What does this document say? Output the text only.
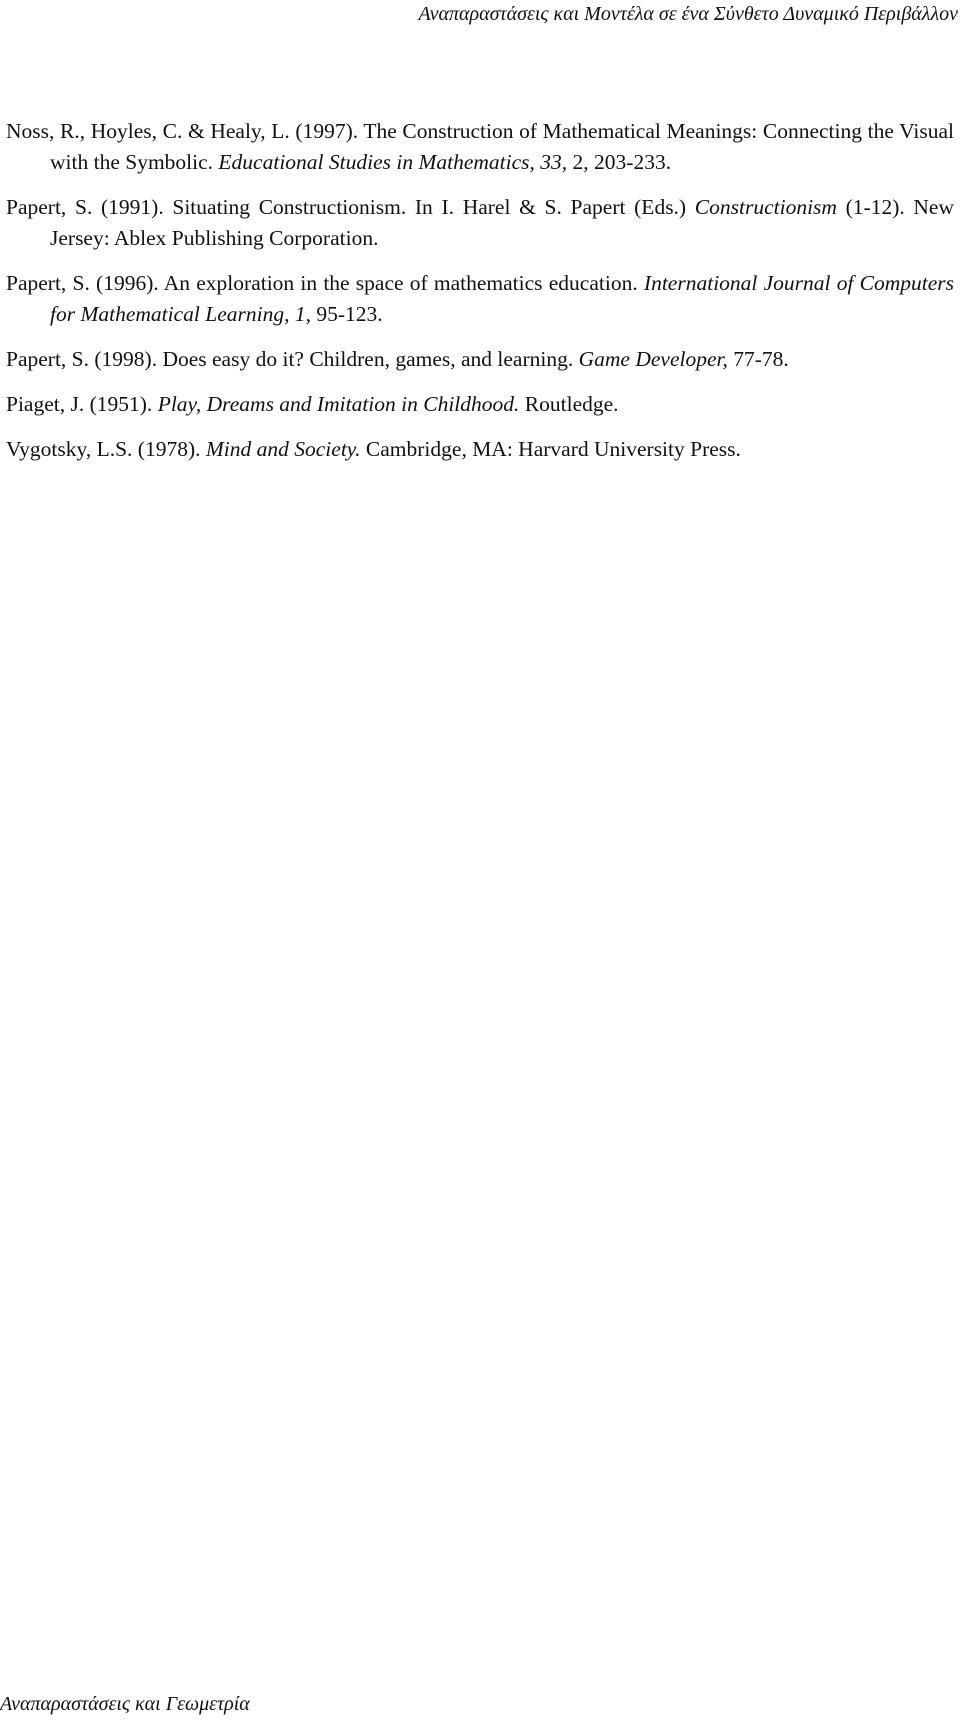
Αναπαραστάσεις και Μοντέλα σε ένα Σύνθετο Δυναμικό Περιβάλλον

Noss, R., Hoyles, C. & Healy, L. (1997). The Construction of Mathematical Meanings: Connecting the Visual with the Symbolic. Educational Studies in Mathematics, 33, 2, 203-233.

Papert, S. (1991). Situating Constructionism. In I. Harel & S. Papert (Eds.) Constructionism (1-12). New Jersey: Ablex Publishing Corporation.

Papert, S. (1996). An exploration in the space of mathematics education. International Journal of Computers for Mathematical Learning, 1, 95-123.

Papert, S. (1998). Does easy do it? Children, games, and learning. Game Developer, 77-78.

Piaget, J. (1951). Play, Dreams and Imitation in Childhood. Routledge.

Vygotsky, L.S. (1978). Mind and Society. Cambridge, MA: Harvard University Press.

Αναπαραστάσεις και Γεωμετρία
